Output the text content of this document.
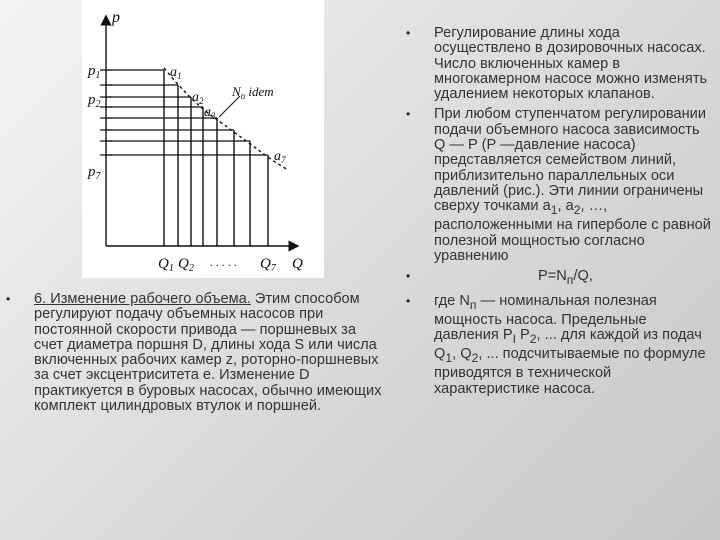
p
Q
$p_1$
$p_2$
$p_7$
$a_1$
$a_2$
$a_3$
$a_7$
$N_п$ idem
$Q_1$ $Q_2$ . . . . . $Q_7$
• 6. Изменение рабочего объема. Этим способом регулируют подачу объемных насосов при постоянной скорости привода — поршневых за счет диаметра поршня D, длины хода S или числа включенных рабочих камер z, роторно-поршневых за счет эксцентриситета е. Изменение D практикуется в буровых насосах, обычно имеющих комплект цилиндровых втулок и поршней.
• Регулирование длины хода осуществлено в дозировочных насосах. Число включенных камер в многокамерном насосе можно изменять удалением некоторых клапанов.
• При любом ступенчатом регулировании подачи объемного насоса зависимость Q — P (P —давление насоса) представляется семейством линий, приблизительно параллельных оси давлений (рис.). Эти линии ограничены сверху точками $a_1$, $a_2$, …, расположенными на гиперболе с равной полезной мощностью согласно уравнению
• $P=N_п/Q$,
• где $N_п$ — номинальная полезная мощность насоса. Предельные давления $P_I$ $P_2$, ... для каждой из подач $Q_1$, $Q_2$, ... подсчитываемые по формуле приводятся в технической характеристике насоса.
